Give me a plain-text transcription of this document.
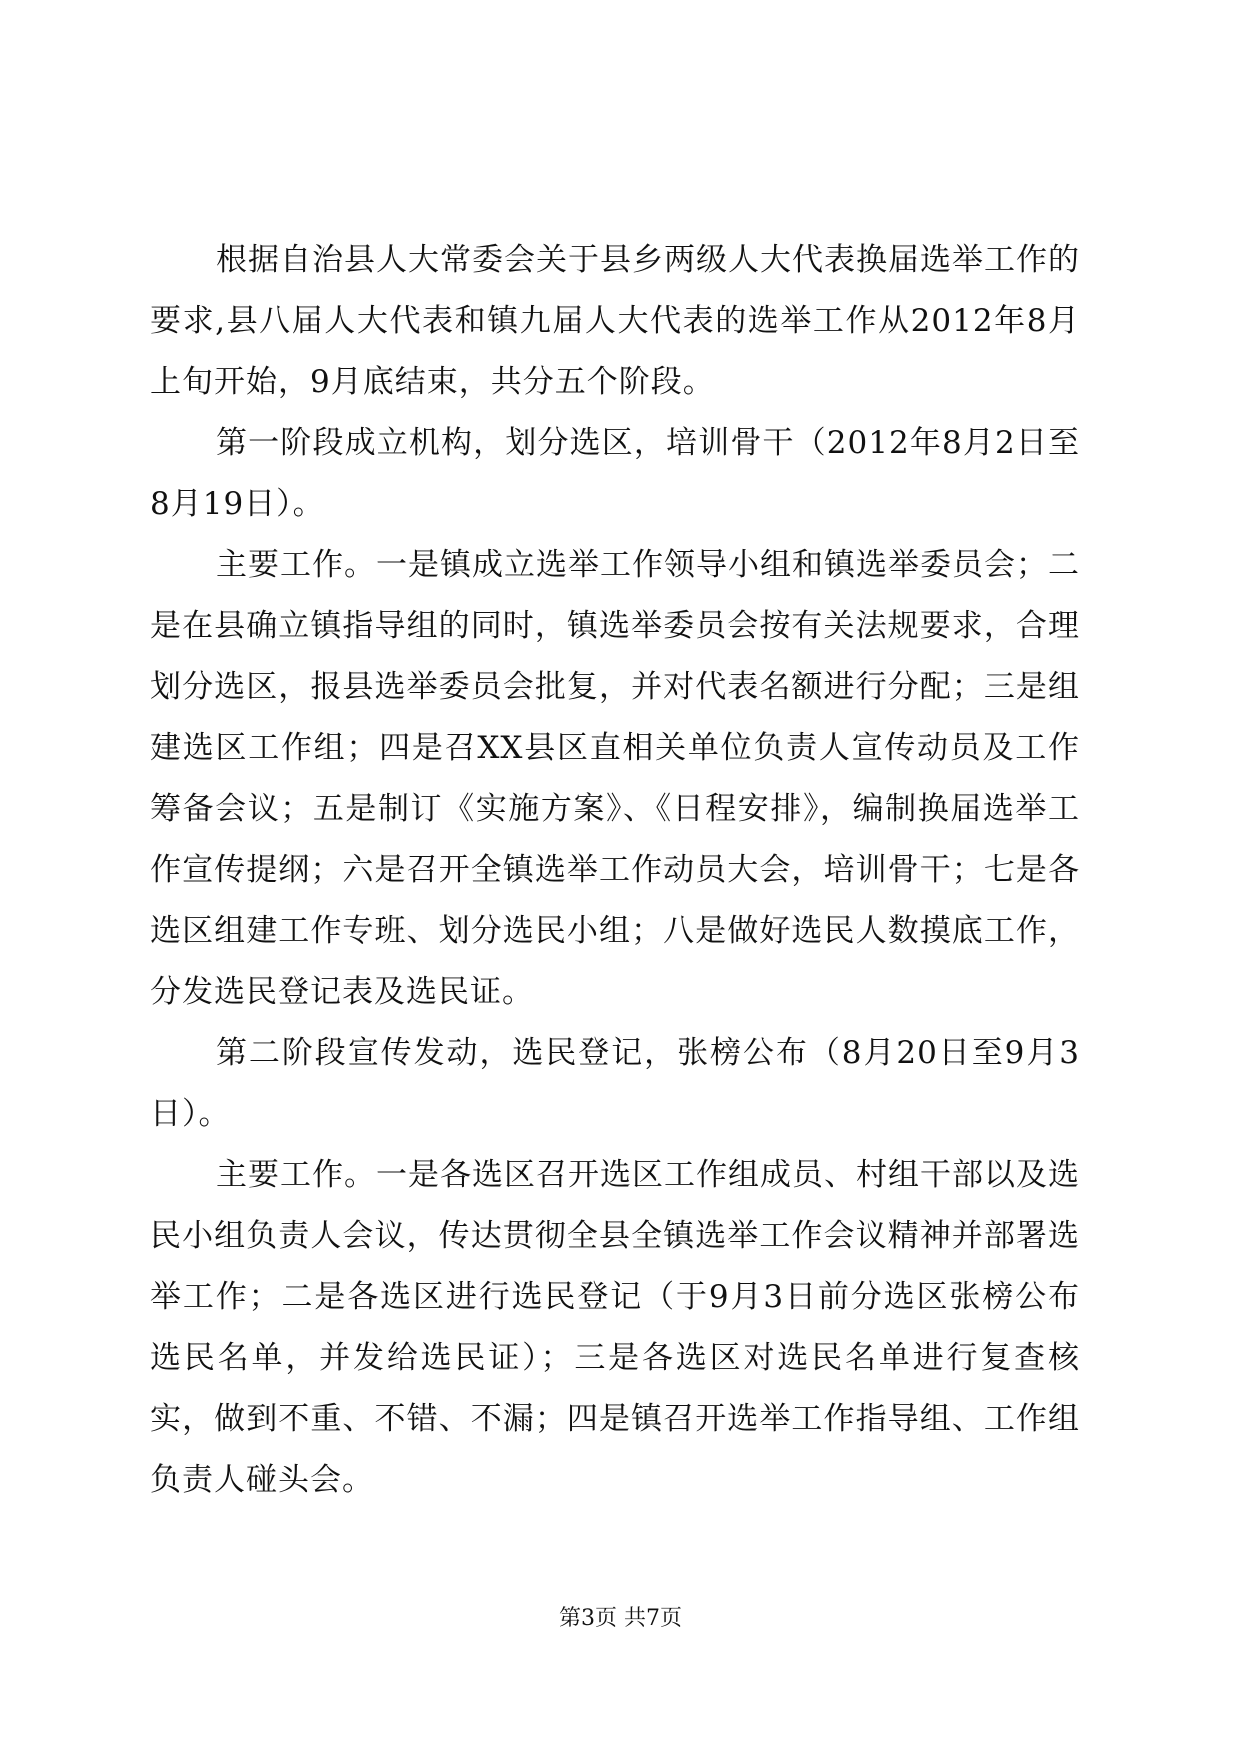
根据自治县人大常委会关于县乡两级人大代表换届选举工作的要求,县八届人大代表和镇九届人大代表的选举工作从2012年8月上旬开始，9月底结束，共分五个阶段。

第一阶段成立机构，划分选区，培训骨干（2012年8月2日至8月19日）。

主要工作。一是镇成立选举工作领导小组和镇选举委员会；二是在县确立镇指导组的同时，镇选举委员会按有关法规要求，合理划分选区，报县选举委员会批复，并对代表名额进行分配；三是组建选区工作组；四是召XX县区直相关单位负责人宣传动员及工作筹备会议；五是制订《实施方案》、《日程安排》，编制换届选举工作宣传提纲；六是召开全镇选举工作动员大会，培训骨干；七是各选区组建工作专班、划分选民小组；八是做好选民人数摸底工作，分发选民登记表及选民证。

第二阶段宣传发动，选民登记，张榜公布（8月20日至9月3日）。

主要工作。一是各选区召开选区工作组成员、村组干部以及选民小组负责人会议，传达贯彻全县全镇选举工作会议精神并部署选举工作；二是各选区进行选民登记（于9月3日前分选区张榜公布选民名单，并发给选民证）；三是各选区对选民名单进行复查核实，做到不重、不错、不漏；四是镇召开选举工作指导组、工作组负责人碰头会。

第3页 共7页
